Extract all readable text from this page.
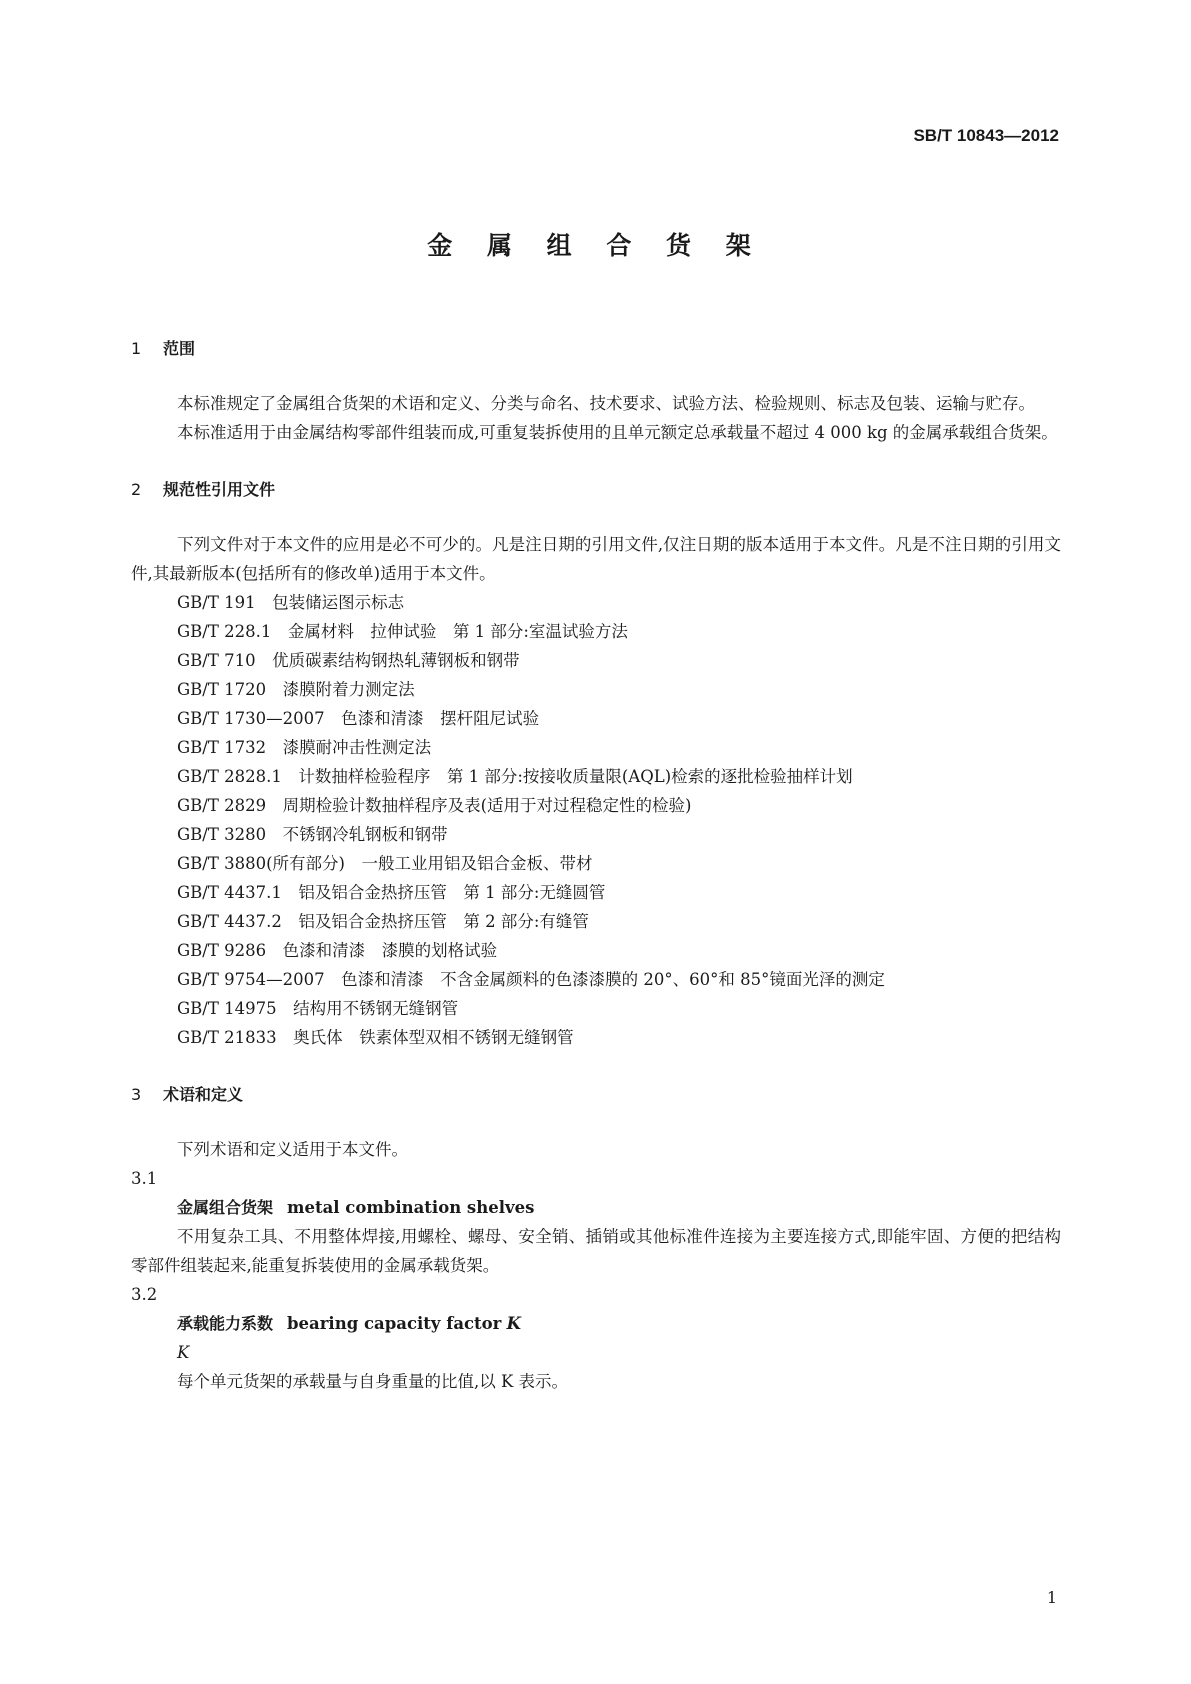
SB/T 10843—2012
金 属 组 合 货 架
1 范围

本标准规定了金属组合货架的术语和定义、分类与命名、技术要求、试验方法、检验规则、标志及包装、运输与贮存。

本标准适用于由金属结构零部件组装而成,可重复装拆使用的且单元额定总承载量不超过 4 000 kg 的金属承载组合货架。

2 规范性引用文件

下列文件对于本文件的应用是必不可少的。凡是注日期的引用文件,仅注日期的版本适用于本文件。凡是不注日期的引用文件,其最新版本(包括所有的修改单)适用于本文件。

GB/T 191　包装储运图示标志

GB/T 228.1　金属材料　拉伸试验　第 1 部分:室温试验方法

GB/T 710　优质碳素结构钢热轧薄钢板和钢带

GB/T 1720　漆膜附着力测定法

GB/T 1730—2007　色漆和清漆　摆杆阻尼试验

GB/T 1732　漆膜耐冲击性测定法

GB/T 2828.1　计数抽样检验程序　第 1 部分:按接收质量限(AQL)检索的逐批检验抽样计划

GB/T 2829　周期检验计数抽样程序及表(适用于对过程稳定性的检验)

GB/T 3280　不锈钢冷轧钢板和钢带

GB/T 3880(所有部分)　一般工业用铝及铝合金板、带材

GB/T 4437.1　铝及铝合金热挤压管　第 1 部分:无缝圆管

GB/T 4437.2　铝及铝合金热挤压管　第 2 部分:有缝管

GB/T 9286　色漆和清漆　漆膜的划格试验

GB/T 9754—2007　色漆和清漆　不含金属颜料的色漆漆膜的 20°、60°和 85°镜面光泽的测定

GB/T 14975　结构用不锈钢无缝钢管

GB/T 21833　奥氏体　铁素体型双相不锈钢无缝钢管

3 术语和定义

下列术语和定义适用于本文件。

3.1

金属组合货架 metal combination shelves

不用复杂工具、不用整体焊接,用螺栓、螺母、安全销、插销或其他标准件连接为主要连接方式,即能牢固、方便的把结构零部件组装起来,能重复拆装使用的金属承载货架。

3.2

承载能力系数 bearing capacity factor K

K

每个单元货架的承载量与自身重量的比值,以 K 表示。

1
